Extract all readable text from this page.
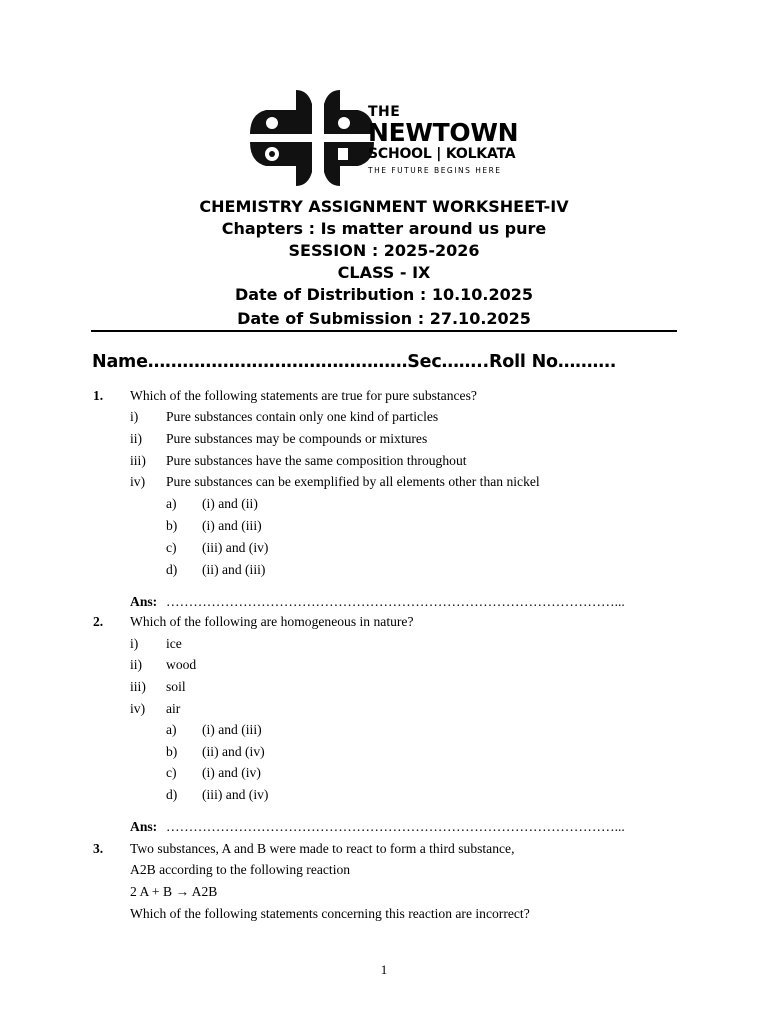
THE
NEWTOWN
SCHOOL | KOLKATA
THE FUTURE BEGINS HERE
CHEMISTRY ASSIGNMENT WORKSHEET-IV
Chapters : Is matter around us pure
SESSION : 2025-2026
CLASS - IX
Date of Distribution : 10.10.2025
Date of Submission : 27.10.2025
Name………………………………………Sec……..Roll No……….
1. Which of the following statements are true for pure substances?
i) Pure substances contain only one kind of particles
ii) Pure substances may be compounds or mixtures
iii) Pure substances have the same composition throughout
iv) Pure substances can be exemplified by all elements other than nickel
a) (i) and (ii)
b) (i) and (iii)
c) (iii) and (iv)
d) (ii) and (iii)
Ans: ………………………………………………………………………………………...
2. Which of the following are homogeneous in nature?
i) ice
ii) wood
iii) soil
iv) air
a) (i) and (iii)
b) (ii) and (iv)
c) (i) and (iv)
d) (iii) and (iv)
Ans: ………………………………………………………………………………………...
3. Two substances, A and B were made to react to form a third substance,
A2B according to the following reaction
2 A + B → A2B
Which of the following statements concerning this reaction are incorrect?
1
